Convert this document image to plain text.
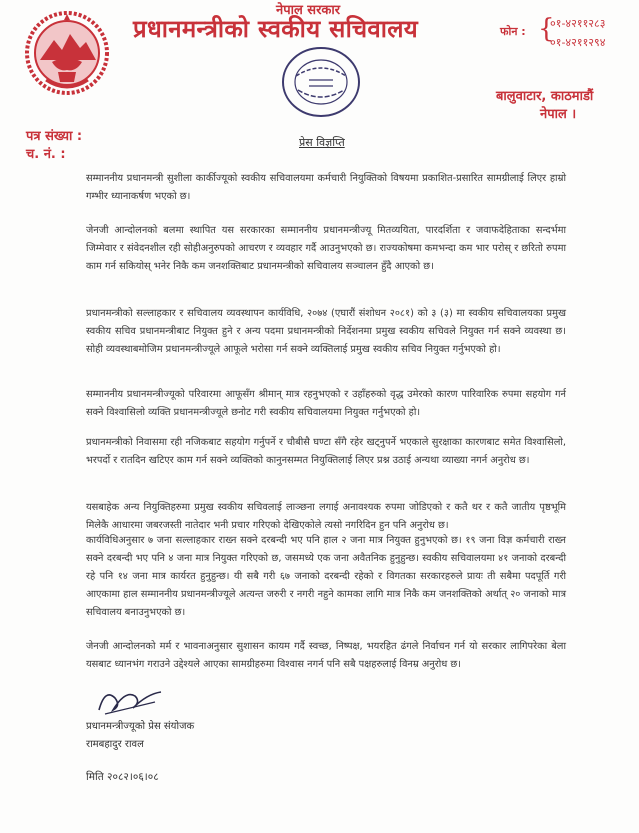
नेपाल सरकार
प्रधानमन्त्रीको स्वकीय सचिवालय	फोन : {
०१-४२११२८३
०१-४२११२९४
बालुवाटार, काठमाडौं
नेपाल ।
पत्र संख्या :
च. नं. :
प्रेस विज्ञप्ति

सम्माननीय प्रधानमन्त्री सुशीला कार्कीज्यूको स्वकीय सचिवालयमा कर्मचारी नियुक्तिको विषयमा प्रकाशित-प्रसारित सामग्रीलाई लिएर हाम्रो गम्भीर ध्यानाकर्षण भएको छ।

जेनजी आन्दोलनको बलमा स्थापित यस सरकारका सम्माननीय प्रधानमन्त्रीज्यू मितव्ययिता, पारदर्शिता र जवाफदेहिताका सन्दर्भमा जिम्मेवार र संवेदनशील रही सोहीअनुरुपको आचरण र व्यवहार गर्दै आउनुभएको छ। राज्यकोषमा कमभन्दा कम भार परोस् र छरितो रुपमा काम गर्न सकियोस् भनेर निकै कम जनशक्तिबाट प्रधानमन्त्रीको सचिवालय सञ्चालन हुँदै आएको छ।

प्रधानमन्त्रीको सल्लाहकार र सचिवालय व्यवस्थापन कार्यविधि, २०७४ (एघारौं संशोधन २०८१) को ३ (३) मा स्वकीय सचिवालयका प्रमुख स्वकीय सचिव प्रधानमन्त्रीबाट नियुक्त हुने र अन्य पदमा प्रधानमन्त्रीको निर्देशनमा प्रमुख स्वकीय सचिवले नियुक्त गर्न सक्ने व्यवस्था छ। सोही व्यवस्थाबमोजिम प्रधानमन्त्रीज्यूले आफूले भरोसा गर्न सक्ने व्यक्तिलाई प्रमुख स्वकीय सचिव नियुक्त गर्नुभएको हो।

सम्माननीय प्रधानमन्त्रीज्यूको परिवारमा आफूसँग श्रीमान् मात्र रहनुभएको र उहाँहरुको वृद्ध उमेरको कारण पारिवारिक रुपमा सहयोग गर्न सक्ने विश्वासिलो व्यक्ति प्रधानमन्त्रीज्यूले छनोट गरी स्वकीय सचिवालयमा नियुक्त गर्नुभएको हो।

प्रधानमन्त्रीको निवासमा रही नजिकबाट सहयोग गर्नुपर्ने र चौबीसै घण्टा सँगै रहेर खट्नुपर्ने भएकाले सुरक्षाका कारणबाट समेत विश्वासिलो, भरपर्दो र रातदिन खटिएर काम गर्न सक्ने व्यक्तिको कानुनसम्मत नियुक्तिलाई लिएर प्रश्न उठाई अन्यथा व्याख्या नगर्न अनुरोध छ।

यसबाहेक अन्य नियुक्तिहरुमा प्रमुख स्वकीय सचिवलाई लाञ्छना लगाई अनावश्यक रुपमा जोडिएको र कतै थर र कतै जातीय पृष्ठभूमि मिलेकै आधारमा जबरजस्ती नातेदार भनी प्रचार गरिएको देखिएकोले त्यसो नगरिदिन हुन पनि अनुरोध छ।

कार्यविधिअनुसार ७ जना सल्लाहकार राख्न सक्ने दरबन्दी भए पनि हाल २ जना मात्र नियुक्त हुनुभएको छ। १९ जना विज्ञ कर्मचारी राख्न सक्ने दरबन्दी भए पनि ४ जना मात्र नियुक्त गरिएको छ, जसमध्ये एक जना अवैतनिक हुनुहुन्छ। स्वकीय सचिवालयमा ४१ जनाको दरबन्दी रहे पनि १४ जना मात्र कार्यरत हुनुहुन्छ। यी सबै गरी ६७ जनाको दरबन्दी रहेको र विगतका सरकारहरुले प्रायः ती सबैमा पदपूर्ति गरी आएकामा हाल सम्माननीय प्रधानमन्त्रीज्यूले अत्यन्त जरुरी र नगरी नहुने कामका लागि मात्र निकै कम जनशक्तिको अर्थात् २० जनाको मात्र सचिवालय बनाउनुभएको छ।

जेनजी आन्दोलनको मर्म र भावनाअनुसार सुशासन कायम गर्दै स्वच्छ, निष्पक्ष, भयरहित ढंगले निर्वाचन गर्न यो सरकार लागिपरेका बेला यसबाट ध्यानभंग गराउने उद्देश्यले आएका सामग्रीहरुमा विश्वास नगर्न पनि सबै पक्षहरुलाई विनम्र अनुरोध छ।

प्रधानमन्त्रीज्यूको प्रेस संयोजक
रामबहादुर रावल
मिति २०८२।०६।०८
